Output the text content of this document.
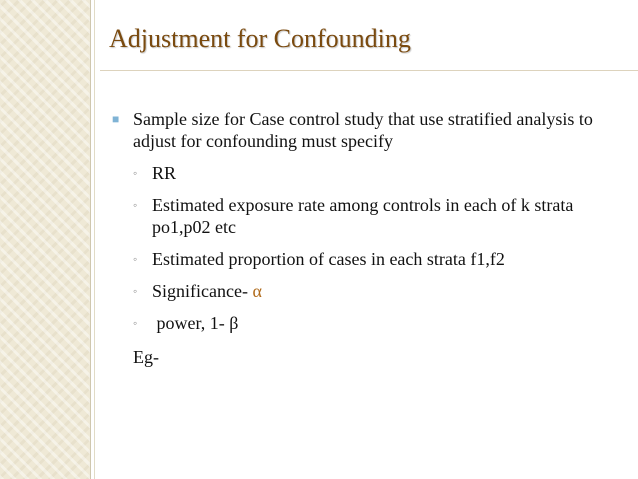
Adjustment for Confounding
■ Sample size for Case control study that use stratified analysis to adjust for confounding must specify
◦ RR
◦ Estimated exposure rate among controls in each of k strata po1,p02 etc
◦ Estimated proportion of cases in each strata f1,f2
◦ Significance- α
◦ power, 1- β
Eg-
